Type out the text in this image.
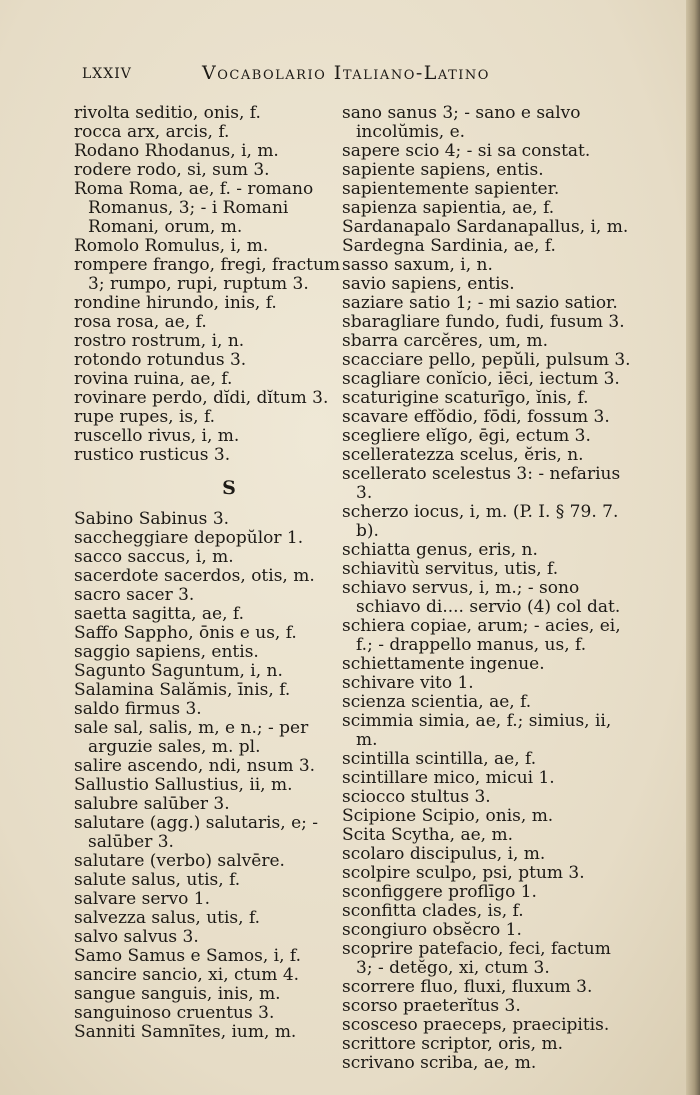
LXXIV	Vocabolario Italiano-Latino
rivolta seditio, onis, f.
rocca arx, arcis, f.
Rodano Rhodanus, i, m.
rodere rodo, si, sum 3.
Roma Roma, ae, f. - romano Romanus, 3; - i Romani Romani, orum, m.
Romolo Romulus, i, m.
rompere frango, fregi, fractum 3; rumpo, rupi, ruptum 3.
rondine hirundo, inis, f.
rosa rosa, ae, f.
rostro rostrum, i, n.
rotondo rotundus 3.
rovina ruina, ae, f.
rovinare perdo, dĭdi, dĭtum 3.
rupe rupes, is, f.
ruscello rivus, i, m.
rustico rusticus 3.
S
Sabino Sabinus 3.
saccheggiare depopŭlor 1.
sacco saccus, i, m.
sacerdote sacerdos, otis, m.
sacro sacer 3.
saetta sagitta, ae, f.
Saffo Sappho, ōnis e us, f.
saggio sapiens, entis.
Sagunto Saguntum, i, n.
Salamina Salămis, īnis, f.
saldo firmus 3.
sale sal, salis, m, e n.; - per arguzie sales, m. pl.
salire ascendo, ndi, nsum 3.
Sallustio Sallustius, ii, m.
salubre salūber 3.
salutare (agg.) salutaris, e; - salūber 3.
salutare (verbo) salvēre.
salute salus, utis, f.
salvare servo 1.
salvezza salus, utis, f.
salvo salvus 3.
Samo Samus e Samos, i, f.
sancire sancio, xi, ctum 4.
sangue sanguis, inis, m.
sanguinoso cruentus 3.
Sanniti Samnītes, ium, m.
sano sanus 3; - sano e salvo incolŭmis, e.
sapere scio 4; - si sa constat.
sapiente sapiens, entis.
sapientemente sapienter.
sapienza sapientia, ae, f.
Sardanapalo Sardanapallus, i, m.
Sardegna Sardinia, ae, f.
sasso saxum, i, n.
savio sapiens, entis.
saziare satio 1; - mi sazio satior.
sbaragliare fundo, fudi, fusum 3.
sbarra carcĕres, um, m.
scacciare pello, pepŭli, pulsum 3.
scagliare conĭcio, iēci, iectum 3.
scaturigine scaturīgo, ĭnis, f.
scavare effŏdio, fōdi, fossum 3.
scegliere elĭgo, ēgi, ectum 3.
scelleratezza scelus, ĕris, n.
scellerato scelestus 3: - nefarius 3.
scherzo iocus, i, m. (P. I. § 79. 7. b).
schiatta genus, eris, n.
schiavitù servitus, utis, f.
schiavo servus, i, m.; - sono schiavo di.... servio (4) col dat.
schiera copiae, arum; - acies, ei, f.; - drappello manus, us, f.
schiettamente ingenue.
schivare vito 1.
scienza scientia, ae, f.
scimmia simia, ae, f.; simius, ii, m.
scintilla scintilla, ae, f.
scintillare mico, micui 1.
sciocco stultus 3.
Scipione Scipio, onis, m.
Scita Scytha, ae, m.
scolaro discipulus, i, m.
scolpire sculpo, psi, ptum 3.
sconfiggere proflīgo 1.
sconfitta clades, is, f.
scongiuro obsĕcro 1.
scoprire patefacio, feci, factum 3; - detĕgo, xi, ctum 3.
scorrere fluo, fluxi, fluxum 3.
scorso praeterĭtus 3.
scosceso praeceps, praecipitis.
scrittore scriptor, oris, m.
scrivano scriba, ae, m.
